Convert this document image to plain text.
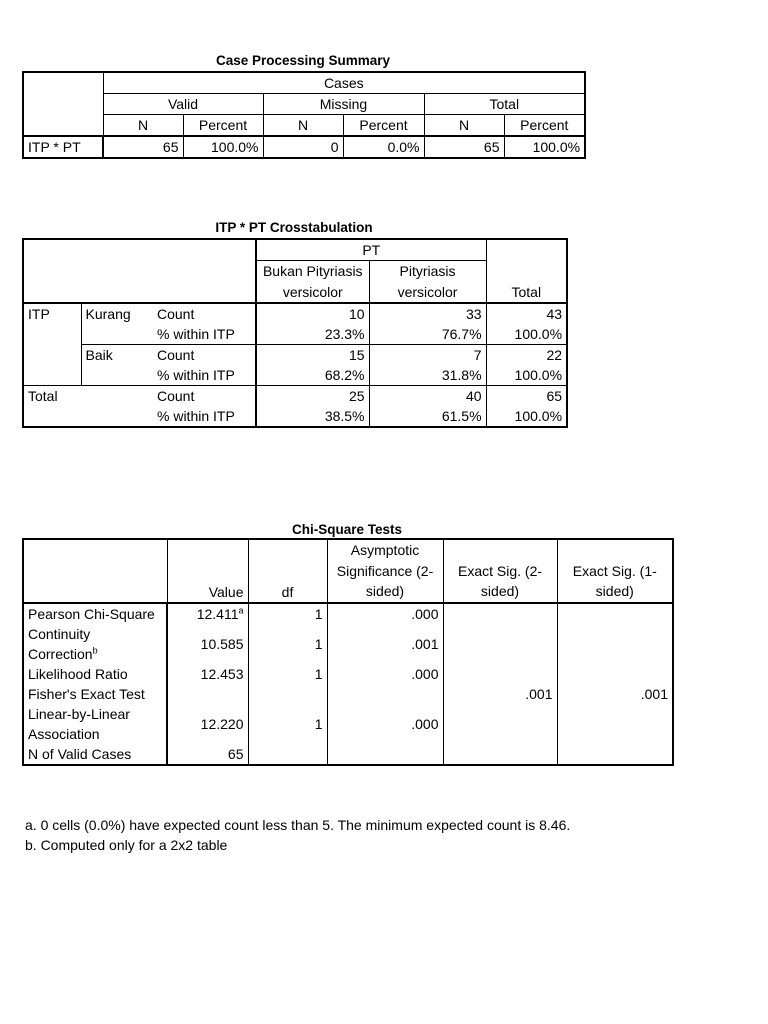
Case Processing Summary
	Cases					
	Valid		Missing		Total	
	N	Percent	N	Percent	N	Percent
ITP * PT	65	100.0%	0	0.0%	65	100.0%
ITP * PT Crosstabulation
			PT		Total
			Bukan Pityriasis versicolor	Pityriasis versicolor	
ITP	Kurang	Count	10	33	43
		% within ITP	23.3%	76.7%	100.0%
	Baik	Count	15	7	22
		% within ITP	68.2%	31.8%	100.0%
Total		Count	25	40	65
		% within ITP	38.5%	61.5%	100.0%
Chi-Square Tests
	Value	df	Asymptotic Significance (2-sided)	Exact Sig. (2-sided)	Exact Sig. (1-sided)
Pearson Chi-Square	12.411$^a$	1	.000		
Continuity Correction$^b$	10.585	1	.001		
Likelihood Ratio	12.453	1	.000		
Fisher's Exact Test				.001	.001
Linear-by-Linear Association	12.220	1	.000		
N of Valid Cases	65				
a. 0 cells (0.0%) have expected count less than 5. The minimum expected count is 8.46.
b. Computed only for a 2x2 table
